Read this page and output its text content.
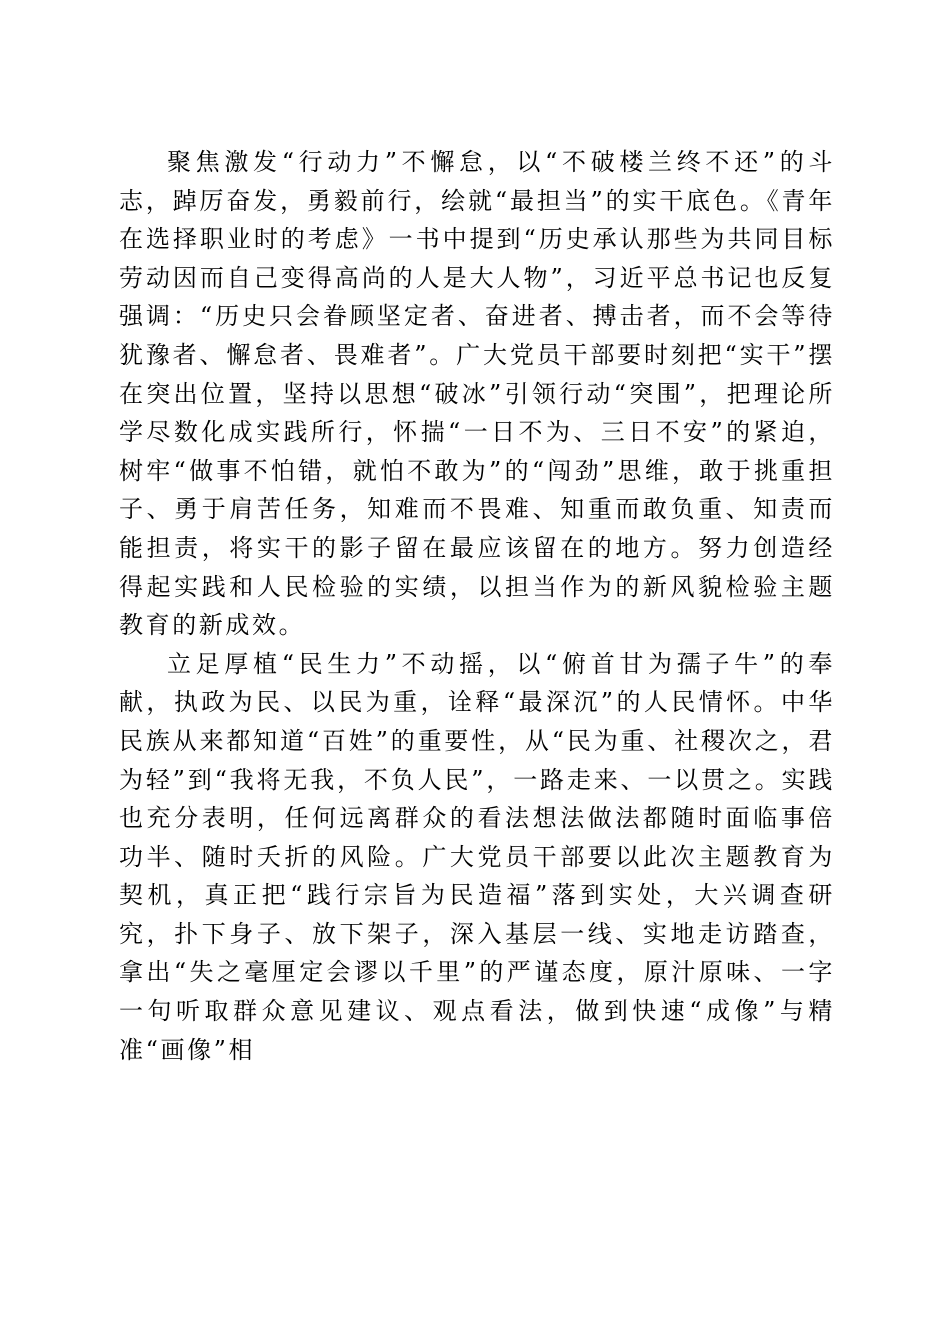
聚焦激发“行动力”不懈怠，以“不破楼兰终不还”的斗志，踔厉奋发，勇毅前行，绘就“最担当”的实干底色。《青年在选择职业时的考虑》一书中提到“历史承认那些为共同目标劳动因而自己变得高尚的人是大人物”，习近平总书记也反复强调：“历史只会眷顾坚定者、奋进者、搏击者，而不会等待犹豫者、懈怠者、畏难者”。广大党员干部要时刻把“实干”摆在突出位置，坚持以思想“破冰”引领行动“突围”，把理论所学尽数化成实践所行，怀揣“一日不为、三日不安”的紧迫，树牢“做事不怕错，就怕不敢为”的“闯劲”思维，敢于挑重担子、勇于肩苦任务，知难而不畏难、知重而敢负重、知责而能担责，将实干的影子留在最应该留在的地方。努力创造经得起实践和人民检验的实绩，以担当作为的新风貌检验主题教育的新成效。

立足厚植“民生力”不动摇，以“俯首甘为孺子牛”的奉献，执政为民、以民为重，诠释“最深沉”的人民情怀。中华民族从来都知道“百姓”的重要性，从“民为重、社稷次之，君为轻”到“我将无我，不负人民”，一路走来、一以贯之。实践也充分表明，任何远离群众的看法想法做法都随时面临事倍功半、随时夭折的风险。广大党员干部要以此次主题教育为契机，真正把“践行宗旨为民造福”落到实处，大兴调查研究，扑下身子、放下架子，深入基层一线、实地走访踏查，拿出“失之毫厘定会谬以千里”的严谨态度，原汁原味、一字一句听取群众意见建议、观点看法，做到快速“成像”与精准“画像”相
